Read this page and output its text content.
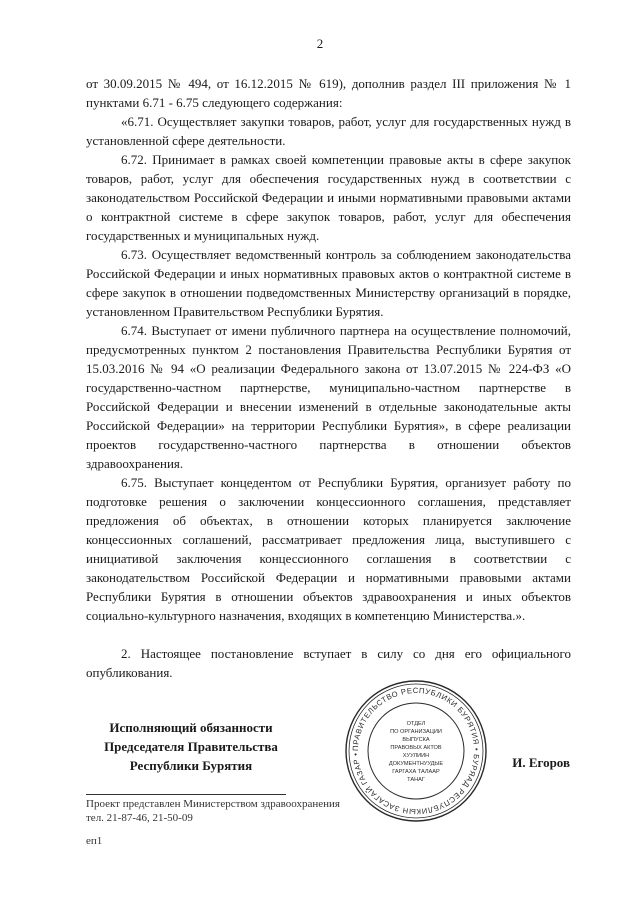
2

от 30.09.2015 № 494, от 16.12.2015 № 619), дополнив раздел III приложения № 1 пунктами 6.71 - 6.75 следующего содержания:

«6.71. Осуществляет закупки товаров, работ, услуг для государственных нужд в установленной сфере деятельности.

6.72. Принимает в рамках своей компетенции правовые акты в сфере закупок товаров, работ, услуг для обеспечения государственных нужд в соответствии с законодательством Российской Федерации и иными нормативными правовыми актами о контрактной системе в сфере закупок товаров, работ, услуг для обеспечения государственных и муниципальных нужд.

6.73. Осуществляет ведомственный контроль за соблюдением законодательства Российской Федерации и иных нормативных правовых актов о контрактной системе в сфере закупок в отношении подведомственных Министерству организаций в порядке, установленном Правительством Республики Бурятия.

6.74. Выступает от имени публичного партнера на осуществление полномочий, предусмотренных пунктом 2 постановления Правительства Республики Бурятия от 15.03.2016 № 94 «О реализации Федерального закона от 13.07.2015 № 224-ФЗ «О государственно-частном партнерстве, муниципально-частном партнерстве в Российской Федерации и внесении изменений в отдельные законодательные акты Российской Федерации» на территории Республики Бурятия», в сфере реализации проектов государственно-частного партнерства в отношении объектов здравоохранения.

6.75. Выступает концедентом от Республики Бурятия, организует работу по подготовке решения о заключении концессионного соглашения, представляет предложения об объектах, в отношении которых планируется заключение концессионных соглашений, рассматривает предложения лица, выступившего с инициативой заключения концессионного соглашения в соответствии с законодательством Российской Федерации и нормативными правовыми актами Республики Бурятия в отношении объектов здравоохранения и иных объектов социально-культурного назначения, входящих в компетенцию Министерства.».

2. Настоящее постановление вступает в силу со дня его официального опубликования.

Исполняющий обязанности
Председателя Правительства
Республики Бурятия
ПРАВИТЕЛЬСТВО РЕСПУБЛИКИ БУРЯТИЯ • БУРЯАД РЕСПУБЛИКЫН ЗАСАГАЙ ГАЗАР •
ОТДЕЛ
ПО ОРГАНИЗАЦИИ
ВЫПУСКА
ПРАВОВЫХ АКТОВ
ХУУЛИИН
ДОКУМЕНТНУУДЫЕ
ГАРГАХА ТАЛААР
ТАНАГ
И. Егоров
Проект представлен Министерством здравоохранения
тел. 21-87-46, 21-50-09
еп1
